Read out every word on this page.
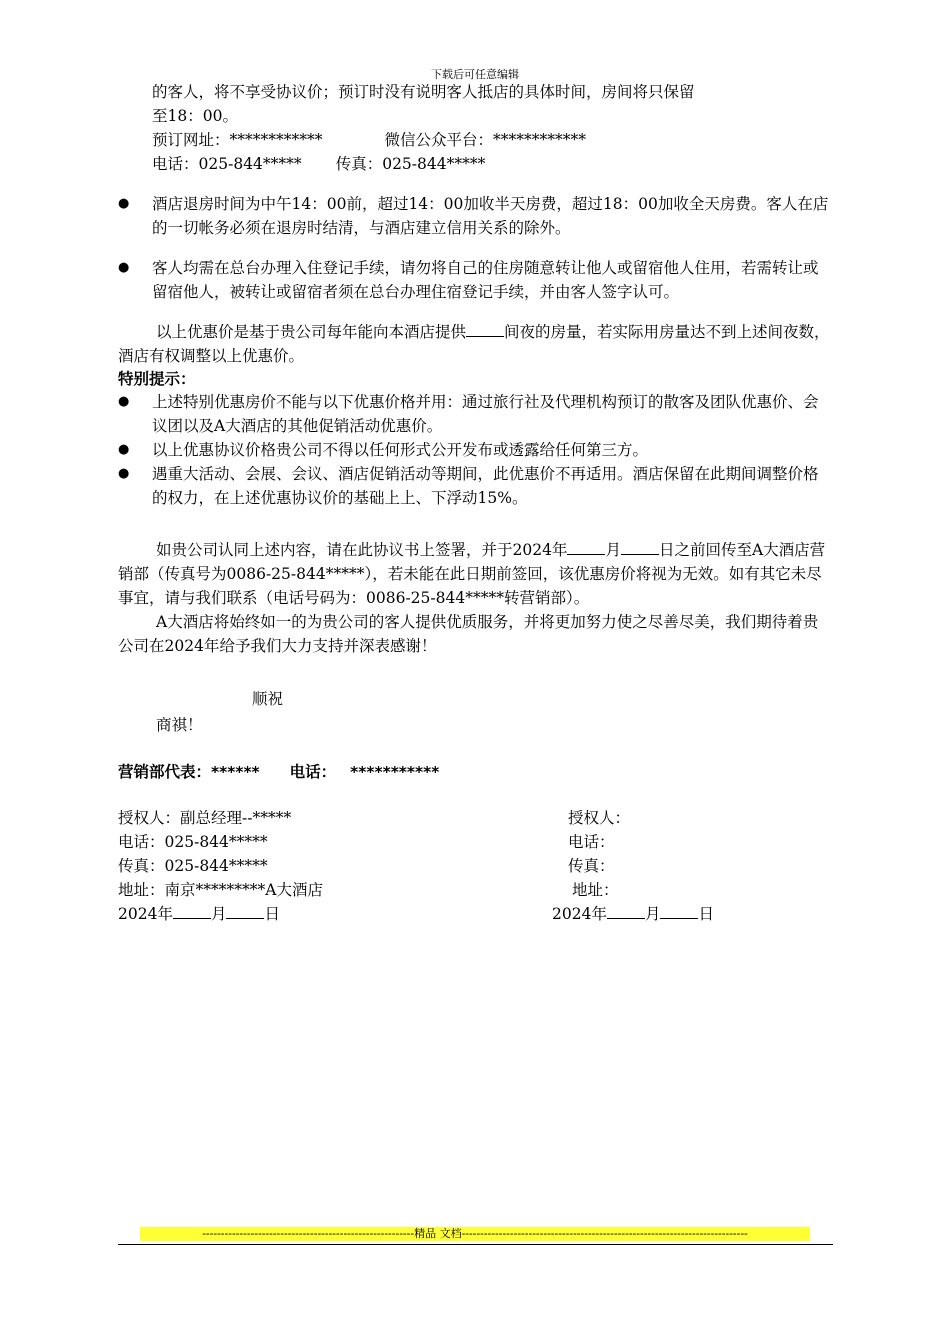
下载后可任意编辑

的客人，将不享受协议价；预订时没有说明客人抵店的具体时间，房间将只保留

至18：00。

预订网址：************	微信公众平台：************

电话：025-844***** 传真：025-844*****

●	酒店退房时间为中午14：00前，超过14：00加收半天房费，超过18：00加收全天房费。客人在店的一切帐务必须在退房时结清，与酒店建立信用关系的除外。
●	客人均需在总台办理入住登记手续，请勿将自己的住房随意转让他人或留宿他人住用，若需转让或留宿他人，被转让或留宿者须在总台办理住宿登记手续，并由客人签字认可。

以上优惠价是基于贵公司每年能向本酒店提供 间夜的房量，若实际用房量达不到上述间夜数，酒店有权调整以上优惠价。

特别提示：

●	上述特别优惠房价不能与以下优惠价格并用：通过旅行社及代理机构预订的散客及团队优惠价、会议团以及A大酒店的其他促销活动优惠价。
●	以上优惠协议价格贵公司不得以任何形式公开发布或透露给任何第三方。
●	遇重大活动、会展、会议、酒店促销活动等期间，此优惠价不再适用。酒店保留在此期间调整价格的权力，在上述优惠协议价的基础上上、下浮动15%。

如贵公司认同上述内容，请在此协议书上签署，并于2024年 月 日之前回传至A大酒店营销部（传真号为0086-25-844*****），若未能在此日期前签回，该优惠房价将视为无效。如有其它未尽事宜，请与我们联系（电话号码为：0086-25-844*****转营销部）。

A大酒店将始终如一的为贵公司的客人提供优质服务，并将更加努力使之尽善尽美，我们期待着贵公司在2024年给予我们大力支持并深表感谢！

顺祝

商祺！

营销部代表：****** 电话： ***********

授权人：副总经理--*****	授权人：
电话：025-844*****	电话：
传真：025-844*****	传真：
地址：南京*********A大酒店	地址：
2024年 月 日	2024年 月 日
---------------------------------------------------------精品 文档-----------------------------------------------------------------------------
